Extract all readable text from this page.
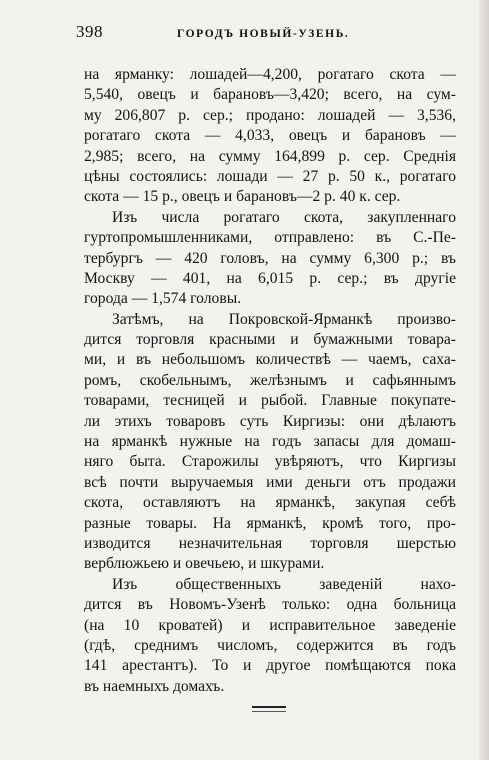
398	ГОРОДЪ НОВЫЙ-УЗЕНЬ.
на ярманку: лошадей—4,200, рогатаго скота —
5,540, овецъ и барановъ—3,420; всего, на сум-
му 206,807 р. сер.; продано: лошадей — 3,536,
рогатаго скота — 4,033, овецъ и барановъ —
2,985; всего, на сумму 164,899 р. сер. Среднія
цѣны состоялись: лошади — 27 р. 50 к., рогатаго
скота — 15 р., овецъ и барановъ—2 р. 40 к. сер.
Изъ числа рогатаго скота, закупленнаго
гуртопромышленниками, отправлено: въ С.-Пе-
тербургъ — 420 головъ, на сумму 6,300 р.; въ
Москву — 401, на 6,015 р. сер.; въ другіе
города — 1,574 головы.
Затѣмъ, на Покровской-Ярманкѣ произво-
дится торговля красными и бумажными товара-
ми, и въ небольшомъ количествѣ — чаемъ, саха-
ромъ, скобельнымъ, желѣзнымъ и сафьяннымъ
товарами, тесницей и рыбой. Главные покупате-
ли этихъ товаровъ суть Киргизы: они дѣлаютъ
на ярманкѣ нужные на годъ запасы для домаш-
няго быта. Старожилы увѣряютъ, что Киргизы
всѣ почти выручаемыя ими деньги отъ продажи
скота, оставляютъ на ярманкѣ, закупая себѣ
разные товары. На ярманкѣ, кромѣ того, про-
изводится незначительная торговля шерстью
верблюжьею и овечьею, и шкурами.
Изъ общественныхъ заведеній нахо-
дится въ Новомъ-Узенѣ только: одна больница
(на 10 кроватей) и исправительное заведеніе
(гдѣ, среднимъ числомъ, содержится въ годъ
141 арестантъ). То и другое помѣщаются пока
въ наемныхъ домахъ.
